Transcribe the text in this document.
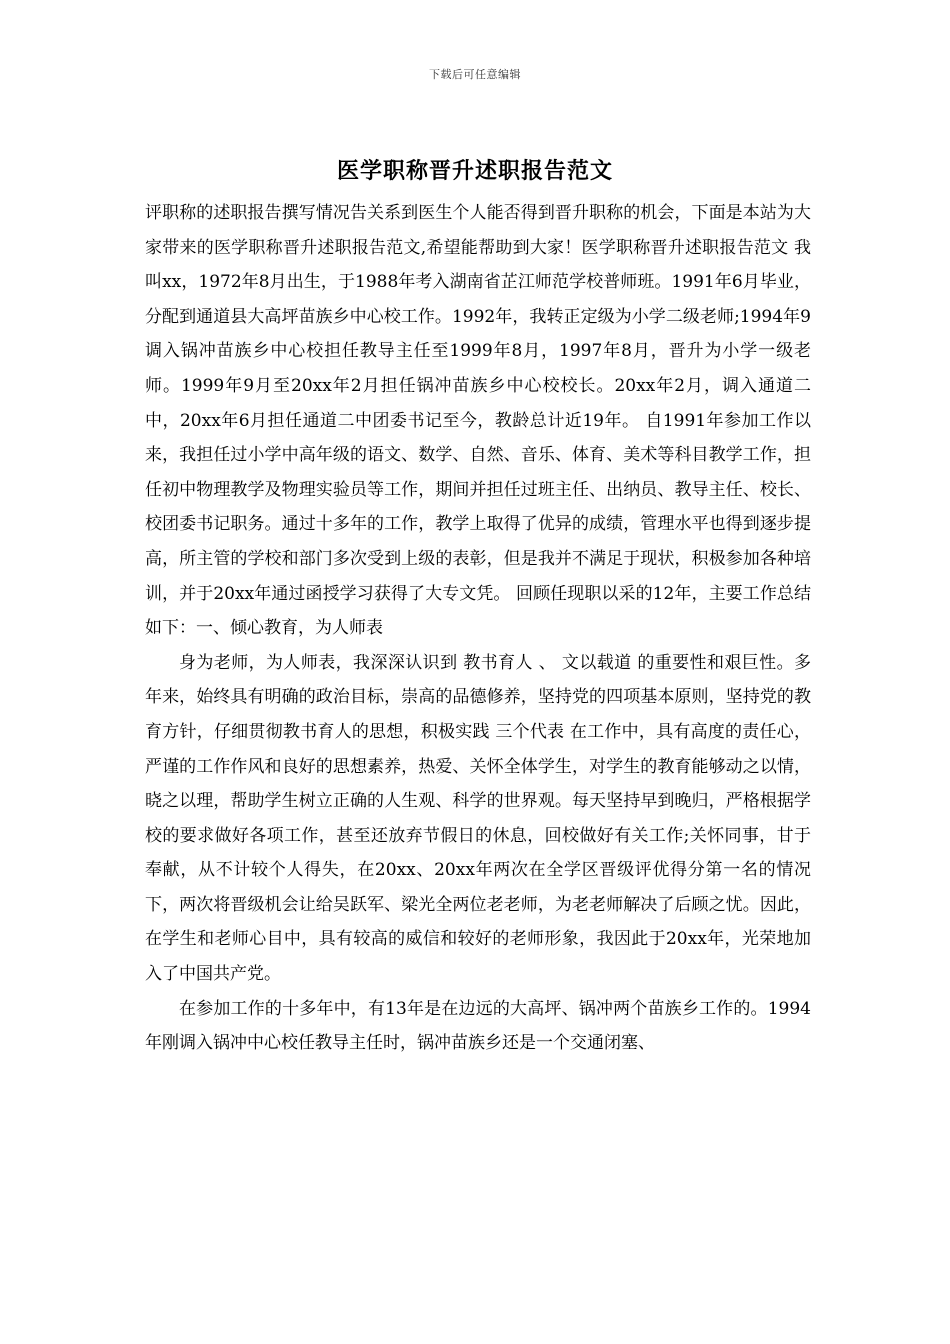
下载后可任意编辑
医学职称晋升述职报告范文

评职称的述职报告撰写情况告关系到医生个人能否得到晋升职称的机会，下面是本站为大家带来的医学职称晋升述职报告范文,希望能帮助到大家！医学职称晋升述职报告范文 我叫xx，1972年8月出生，于1988年考入湖南省芷江师范学校普师班。1991年6月毕业，分配到通道县大高坪苗族乡中心校工作。1992年，我转正定级为小学二级老师;1994年9调入锅冲苗族乡中心校担任教导主任至1999年8月，1997年8月，晋升为小学一级老师。1999年9月至20xx年2月担任锅冲苗族乡中心校校长。20xx年2月，调入通道二中，20xx年6月担任通道二中团委书记至今，教龄总计近19年。 自1991年参加工作以来，我担任过小学中高年级的语文、数学、自然、音乐、体育、美术等科目教学工作，担任初中物理教学及物理实验员等工作，期间并担任过班主任、出纳员、教导主任、校长、校团委书记职务。通过十多年的工作，教学上取得了优异的成绩，管理水平也得到逐步提高，所主管的学校和部门多次受到上级的表彰，但是我并不满足于现状，积极参加各种培训，并于20xx年通过函授学习获得了大专文凭。 回顾任现职以采的12年，主要工作总结如下：一、倾心教育，为人师表

身为老师，为人师表，我深深认识到 教书育人 、 文以载道 的重要性和艰巨性。多年来，始终具有明确的政治目标，崇高的品德修养，坚持党的四项基本原则，坚持党的教育方针，仔细贯彻教书育人的思想，积极实践 三个代表 在工作中，具有高度的责任心，严谨的工作作风和良好的思想素养，热爱、关怀全体学生，对学生的教育能够动之以情，晓之以理，帮助学生树立正确的人生观、科学的世界观。每天坚持早到晚归，严格根据学校的要求做好各项工作，甚至还放弃节假日的休息，回校做好有关工作;关怀同事，甘于奉献，从不计较个人得失，在20xx、20xx年两次在全学区晋级评优得分第一名的情况下，两次将晋级机会让给吴跃军、梁光全两位老老师，为老老师解决了后顾之忧。因此，在学生和老师心目中，具有较高的威信和较好的老师形象，我因此于20xx年，光荣地加入了中国共产党。

在参加工作的十多年中，有13年是在边远的大高坪、锅冲两个苗族乡工作的。1994年刚调入锅冲中心校任教导主任时，锅冲苗族乡还是一个交通闭塞、
